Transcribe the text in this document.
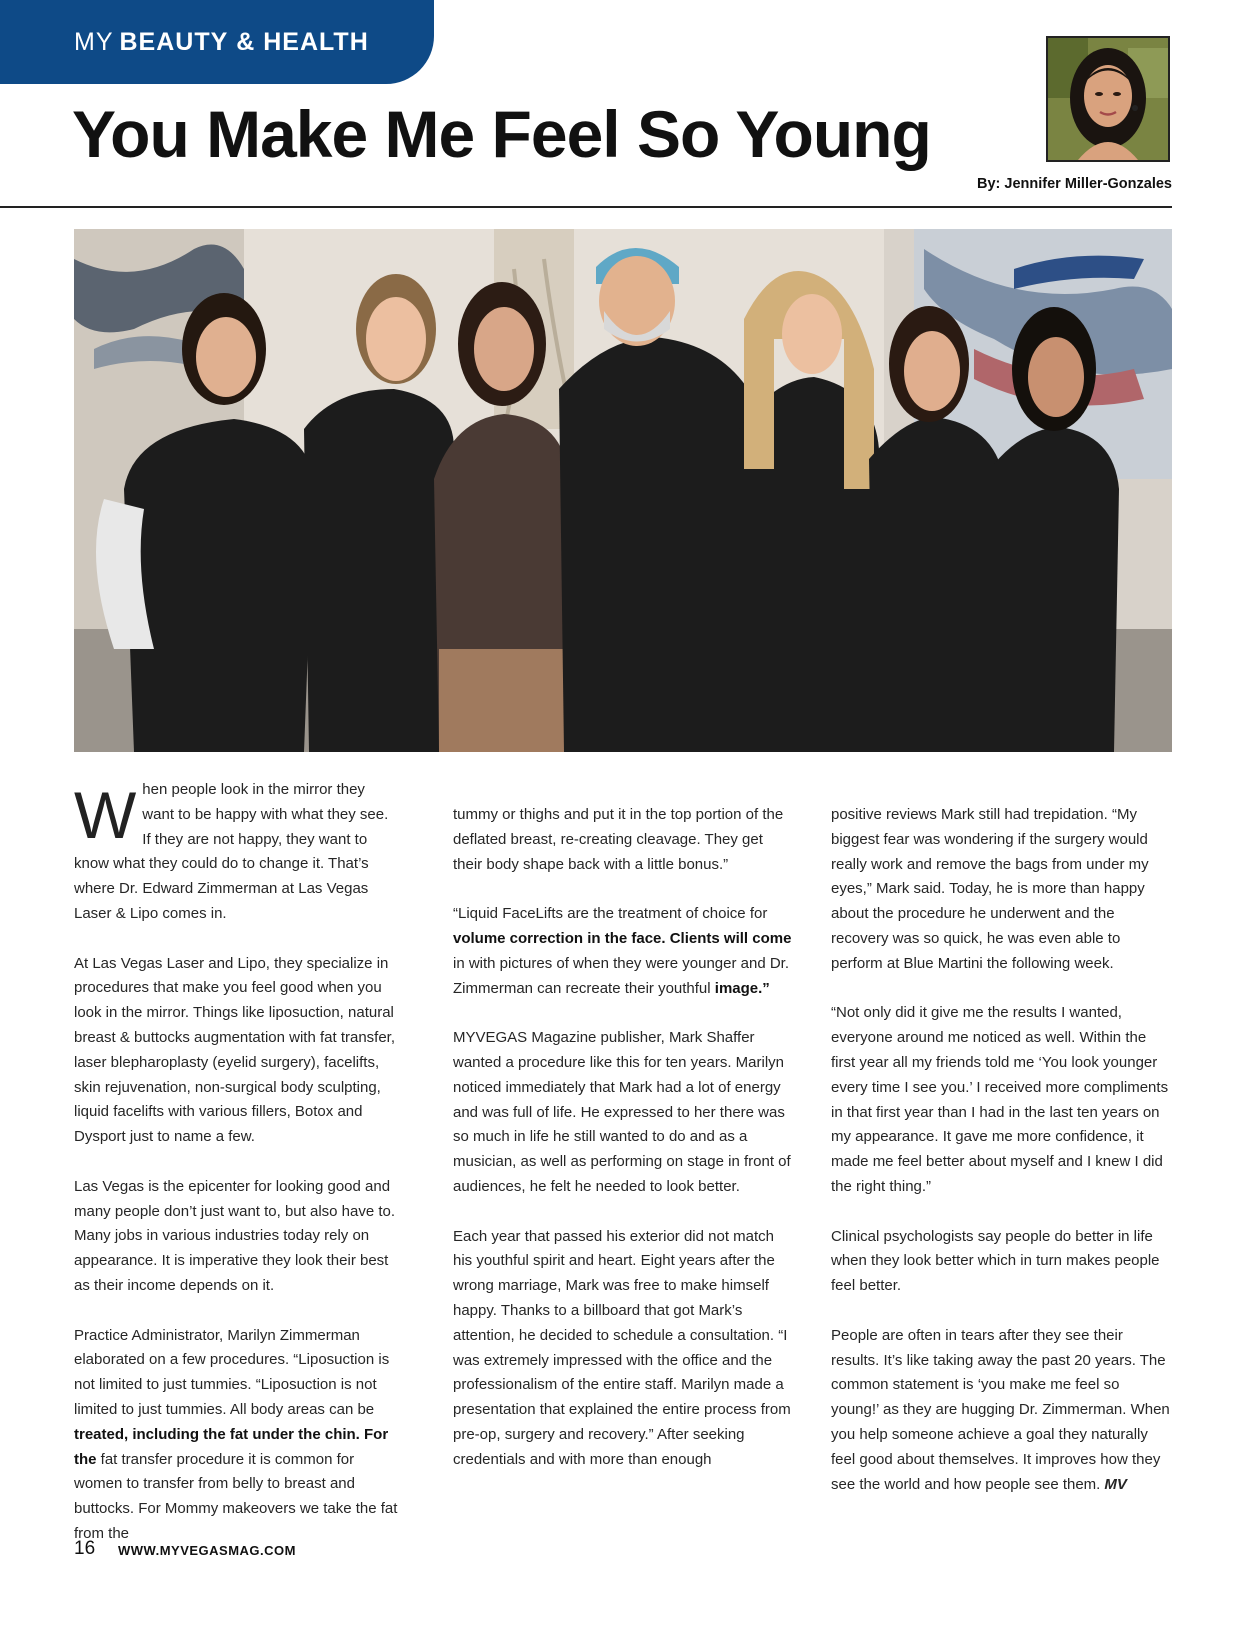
MY BEAUTY & HEALTH
You Make Me Feel So Young
By: Jennifer Miller-Gonzales

When people look in the mirror they want to be happy with what they see. If they are not happy, they want to know what they could do to change it. That’s where Dr. Edward Zimmerman at Las Vegas Laser & Lipo comes in.

At Las Vegas Laser and Lipo, they specialize in procedures that make you feel good when you look in the mirror. Things like liposuction, natural breast & buttocks augmentation with fat transfer, laser blepharoplasty (eyelid surgery), facelifts, skin rejuvenation, non-surgical body sculpting, liquid facelifts with various fillers, Botox and Dysport just to name a few.

Las Vegas is the epicenter for looking good and many people don’t just want to, but also have to. Many jobs in various industries today rely on appearance. It is imperative they look their best as their income depends on it.

Practice Administrator, Marilyn Zimmerman elaborated on a few procedures. “Liposuction is not limited to just tummies. “Liposuction is not limited to just tummies. All body areas can be treated, including the fat under the chin. For the fat transfer procedure it is common for women to transfer from belly to breast and buttocks. For Mommy makeovers we take the fat from the

tummy or thighs and put it in the top portion of the deflated breast, re-creating cleavage. They get their body shape back with a little bonus.”

“Liquid FaceLifts are the treatment of choice for volume correction in the face. Clients will come in with pictures of when they were younger and Dr. Zimmerman can recreate their youthful image.”

MYVEGAS Magazine publisher, Mark Shaffer wanted a procedure like this for ten years. Marilyn noticed immediately that Mark had a lot of energy and was full of life. He expressed to her there was so much in life he still wanted to do and as a musician, as well as performing on stage in front of audiences, he felt he needed to look better.

Each year that passed his exterior did not match his youthful spirit and heart. Eight years after the wrong marriage, Mark was free to make himself happy. Thanks to a billboard that got Mark’s attention, he decided to schedule a consultation. “I was extremely impressed with the office and the professionalism of the entire staff. Marilyn made a presentation that explained the entire process from pre-op, surgery and recovery.” After seeking credentials and with more than enough

positive reviews Mark still had trepidation. “My biggest fear was wondering if the surgery would really work and remove the bags from under my eyes,” Mark said. Today, he is more than happy about the procedure he underwent and the recovery was so quick, he was even able to perform at Blue Martini the following week.

“Not only did it give me the results I wanted, everyone around me noticed as well. Within the first year all my friends told me ‘You look younger every time I see you.’ I received more compliments in that first year than I had in the last ten years on my appearance. It gave me more confidence, it made me feel better about myself and I knew I did the right thing.”

Clinical psychologists say people do better in life when they look better which in turn makes people feel better.

People are often in tears after they see their results. It’s like taking away the past 20 years. The common statement is ‘you make me feel so young!’ as they are hugging Dr. Zimmerman. When you help someone achieve a goal they naturally feel good about themselves. It improves how they see the world and how people see them. MV

16 WWW.MYVEGASMAG.COM
